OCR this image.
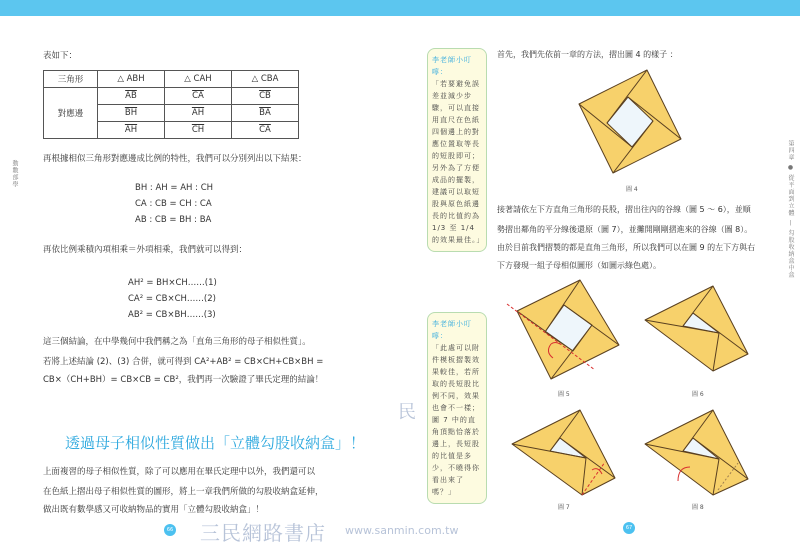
三民網路書店 www.sanmin.com.tw
民
動數部學
表如下：
三角形	△ ABH	△ CAH	△ CBA
對應邊	$\overline{AB}$	$\overline{CA}$	$\overline{CB}$
	$\overline{BH}$	$\overline{AH}$	$\overline{BA}$
	$\overline{AH}$	$\overline{CH}$	$\overline{CA}$
再根據相似三角形對應邊成比例的特性，我們可以分別列出以下結果：
BH : AH = AH : CH
CA : CB = CH : CA
AB : CB = BH : BA
再依比例乘積內項相乘＝外項相乘，我們就可以得到：
AH² = BH×CH……(1)
CA² = CB×CH……(2)
AB² = CB×BH……(3)
這三個結論，在中學幾何中我們稱之為「直角三角形的母子相似性質」。
若將上述結論 (2)、(3) 合併，就可得到 CA²+AB² = CB×CH+CB×BH =
CB×（CH+BH）= CB×CB = CB²，我們再一次驗證了畢氏定理的結論！
透過母子相似性質做出「立體勾股收納盒」！
上面複習的母子相似性質，除了可以應用在畢氏定理中以外，我們還可以
在色紙上摺出母子相似性質的圖形，將上一章我們所做的勾股收納盒延伸，
做出既有數學感又可收納物品的實用「立體勾股收納盒」！
66
第四章 ● 從平面到立體 — 勾股收納盒中盒
李老師小叮嚀：
「若要避免誤差並減少步驟，可以直接用直尺在色紙四個邊上的對應位置取等長的短股即可；另外為了方便成品的擺製，建議可以取短股與原色紙邊長的比值約為 1/3 至 1/4 的效果最佳。」
李老師小叮嚀：
「此處可以附件模板摺製效果較佳，若所取的長短股比例不同，效果也會不一樣；圖 7 中的直角頂點恰落於邊上，長短股的比值是多少，不曉得你看出來了嗎？」
首先，我們先依前一章的方法，摺出圖 4 的樣子 ：
接著請依左下方直角三角形的長股，摺出往內的谷線（圖 5 ～ 6），並順
勢摺出鄰角的平分線後還原（圖 7），並攤開剛剛摺進來的谷線（圖 8）。
由於目前我們摺製的都是直角三角形，所以我們可以在圖 9 的左下方與右
下方發現一組子母相似圖形（如圖示綠色處）。
圖 4
圖 5	圖 6
圖 7	圖 8
67
